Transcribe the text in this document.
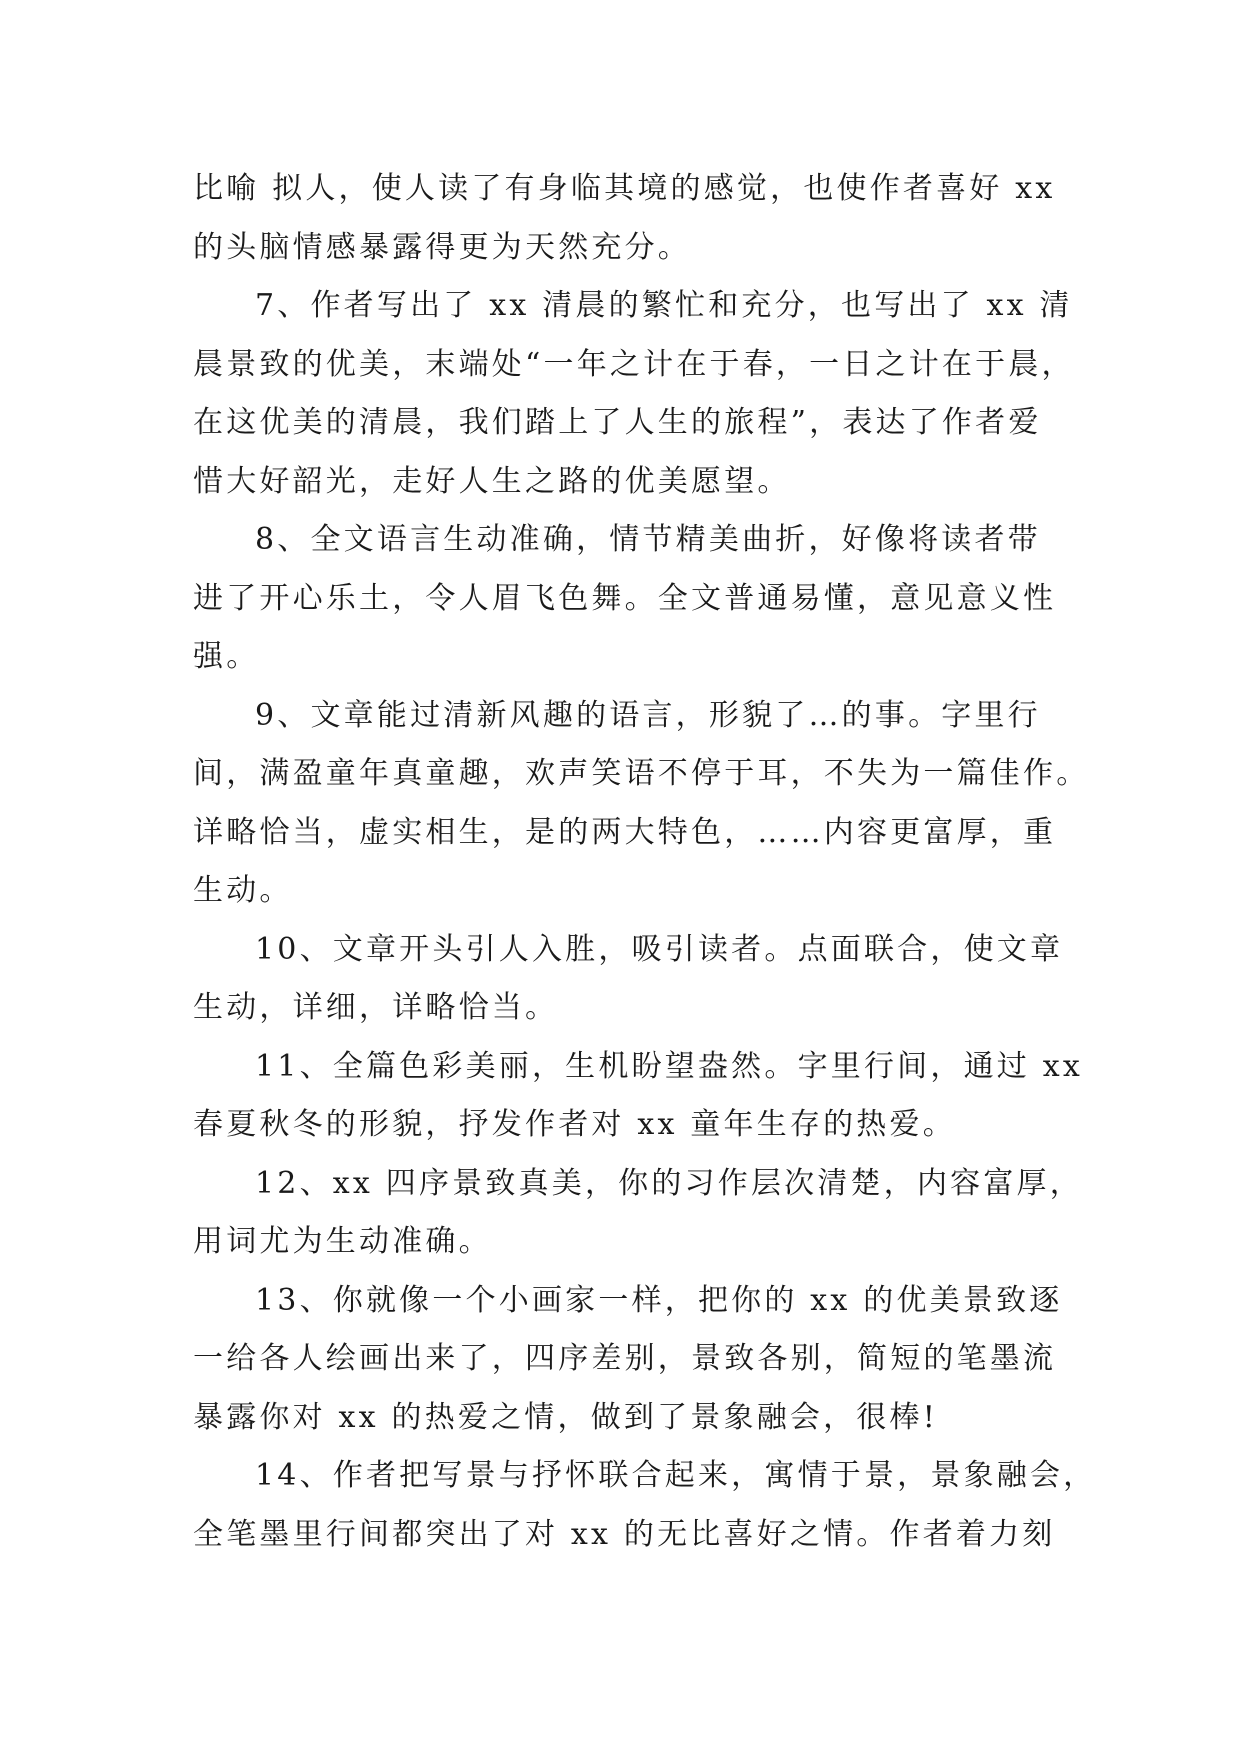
比喻 拟人，使人读了有身临其境的感觉，也使作者喜好 xx
的头脑情感暴露得更为天然充分。
7、作者写出了 xx 清晨的繁忙和充分，也写出了 xx 清
晨景致的优美，末端处“一年之计在于春，一日之计在于晨，
在这优美的清晨，我们踏上了人生的旅程”，表达了作者爱
惜大好韶光，走好人生之路的优美愿望。
8、全文语言生动准确，情节精美曲折，好像将读者带
进了开心乐土，令人眉飞色舞。全文普通易懂，意见意义性
强。
9、文章能过清新风趣的语言，形貌了…的事。字里行
间，满盈童年真童趣，欢声笑语不停于耳，不失为一篇佳作。
详略恰当，虚实相生，是的两大特色，……内容更富厚，重
生动。
10、文章开头引人入胜，吸引读者。点面联合，使文章
生动，详细，详略恰当。
11、全篇色彩美丽，生机盼望盎然。字里行间，通过 xx
春夏秋冬的形貌，抒发作者对 xx 童年生存的热爱。
12、xx 四序景致真美，你的习作层次清楚，内容富厚，
用词尤为生动准确。
13、你就像一个小画家一样，把你的 xx 的优美景致逐
一给各人绘画出来了，四序差别，景致各别，简短的笔墨流
暴露你对 xx 的热爱之情，做到了景象融会，很棒!
14、作者把写景与抒怀联合起来，寓情于景，景象融会，
全笔墨里行间都突出了对 xx 的无比喜好之情。作者着力刻
